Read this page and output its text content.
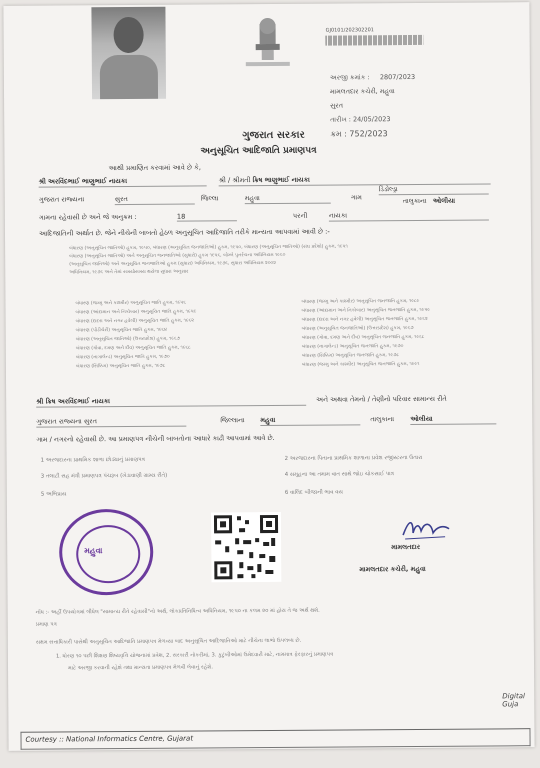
GJ0101/202302201
અરજી ક્રમાંક : 2807/2023
મામલતદાર કચેરી, મહુવા
સુરત
તારીખ : 24/05/2023
ક્રમ : 752/2023
ગુજરાત સરકાર
અનુસૂચિત આદિજાતિ પ્રમાણપત્ર
આથી પ્રમાણિત કરવામાં આવે છે કે,
શ્રી અરવિંદભાઈ ભાણુભાઈ નાયકા	શ્રી / શ્રીમતી ક્રિષ ભાણુભાઈ નાયકા
ગુજરાત રાજ્યના	સુરત	જિલ્લા	મહુવા	ગામ
ડિંડોલ્ડ્રા
ગામના રહેવાસી છે અને જે અનુક્રમ :	18	પરની	નાયકા
તાલુકાના ઓલીયા
આદિજાતિની અર્થાત છે. જેને નીચેની બાબતો હેઠળ અનુસૂચિત આદિજાતિ તરીકે માન્યતા આપવામાં આવી છે :-
બંધારણ (અનુસૂચિત જાતિઓ) હુકમ, ૧૯૫૦, બંધારણ (અનુસૂચિત જનજાતિઓ) હુકમ, ૧૯૫૦, બંધારણ (અનુસૂચિત જાતિઓ) (સંઘ પ્રદેશો) હુકમ, ૧૯૫૧
બંધારણ (અનુસૂચિત જાતિઓ) અને અનુસૂચિત જનજાતિઓ (સુધારો) હુકમ ૧૯૫૬, બોમ્બે પુનર્રચના અધિનિયમ ૧૯૬૦
(અનુસૂચિત જાતિઓ) અને અનુસૂચિત જનજાતિઓ હુકમ (સુધારા) અધિનિયમ, ૧૯૭૬, સુધારા અધિનિયમ ૨૦૦૨
અધિનિયમ, ૧૯૭૬ અને તેમાં સમયોસમય થયેલા સુધારા અનુસાર
બંધારણ (જમ્મુ અને કાશ્મીર) અનુસૂચિત જાતિ હુકમ, ૧૯૫૬
બંધારણ (આંદામાન અને નિકોબાર) અનુસૂચિત જાતિ હુકમ, ૧૯૫૯
બંધારણ (દાદરા અને નગર હવેલી) અનુસૂચિત જાતિ હુકમ, ૧૯૬૨
બંધારણ (પોંડીચેરી) અનુસૂચિત જાતિ હુકમ, ૧૯૬૪
બંધારણ (અનુસૂચિત જાતિઓ) (ઉત્તરપ્રદેશ) હુકમ, ૧૯૬૭
બંધારણ (ગોવા, દમણ અને દીવ) અનુસૂચિત જાતિ હુકમ, ૧૯૬૮
બંધારણ (નાગાલેન્ડ) અનુસૂચિત જાતિ હુકમ, ૧૯૭૦
બંધારણ (સિક્કિમ) અનુસૂચિત જાતિ હુકમ, ૧૯૭૮
બંધારણ (જમ્મુ અને કાશ્મીર) અનુસૂચિત જનજાતિ હુકમ, ૧૯૮૯
બંધારણ (આંદામાન અને નિકોબાર) અનુસૂચિત જનજાતિ હુકમ, ૧૯૫૯
બંધારણ (દાદરા અને નગર હવેલી) અનુસૂચિત જનજાતિ હુકમ, ૧૯૬૨
બંધારણ (અનુસૂચિત જનજાતિઓ) (ઉત્તરપ્રદેશ) હુકમ, ૧૯૬૭
બંધારણ (ગોવા, દમણ અને દીવ) અનુસૂચિત જનજાતિ હુકમ, ૧૯૬૮
બંધારણ (નાગાલેન્ડ) અનુસૂચિત જનજાતિ હુકમ, ૧૯૭૦
બંધારણ (સિક્કિમ) અનુસૂચિત જનજાતિ હુકમ, ૧૯૭૮
બંધારણ (જમ્મુ અને કાશ્મીર) અનુસૂચિત જનજાતિ હુકમ, ૧૯૯૧
શ્રી ક્રિષ અરવિંદભાઈ નાયકા	અને અથવા તેમનો / તેણીનો પરિવાર સામાન્ય રીતે
ગુજરાત રાજ્યના સુરત	જિલ્લાના મહુવા	તાલુકાના ઓલીયા
ગામ / નગરનો રહેવાસી છે. આ પ્રમાણપત્ર નીચેની બાબતોના આધારે કાઢી આપવામાં આવે છે.
1 અરજદારના પ્રાથમિક શાળા છોડ્યાનું પ્રમાણપત્ર	2 અરજદારના પિતાના પ્રાથમિક શાળાના પ્રવેશ રજીસ્ટરના ઉતારા
3 તલાટી સહ મંત્રી પ્રમાણપત્ર પંચરૂબ (ખેડાવાણી ગ્રામ્ય રીતે)	4 સમૂહના આ તમામ વાત સાથે જોઇ ચોકસાઈ પાત્ર
5 અભિપ્રાય	6 વાલિદ બીજાની ભાવ વય
મહુવા	મામલતદાર
મામલતદાર કચેરી, મહુવા
નોંધ :- અહીં ઉપયોગમાં લીધેલ "સામાન્ય રીતે રહેવાસી"નો અર્થ, લોકપ્રતિનિધિત્વ અધિનિયમ, ૧૯૫૦ ના કલમ ૨૦ માં હોય તે જ અર્થ થશે.
પ્રમાણ પત્ર
સક્ષમ સત્તાધિકારી પાસેથી અનુસૂચિત આદિજાતિ પ્રમાણપત્ર મેળવ્યા બાદ અનુસૂચિત આદિજાતિઓ માટે નીચેના લાભો ઉપલબ્ધ છે.
1. ધોરણ ૧૦ પછી શિક્ષણ શિષ્યવૃત્તિ યોજનામાં પ્રવેશ, 2. સરકારી નોકરીમાં, 3. કુટુંબીઓમાં ઉમેદવારી માટે, નામમાત્ર ફેરફારનું પ્રમાણપત્ર
માટે અરજી કરવાની રહેશે તથા માન્યતા પ્રમાણપત્ર મેળવી લેવાનું રહેશે.
Digital Guja
Courtesy :: National Informatics Centre, Gujarat
